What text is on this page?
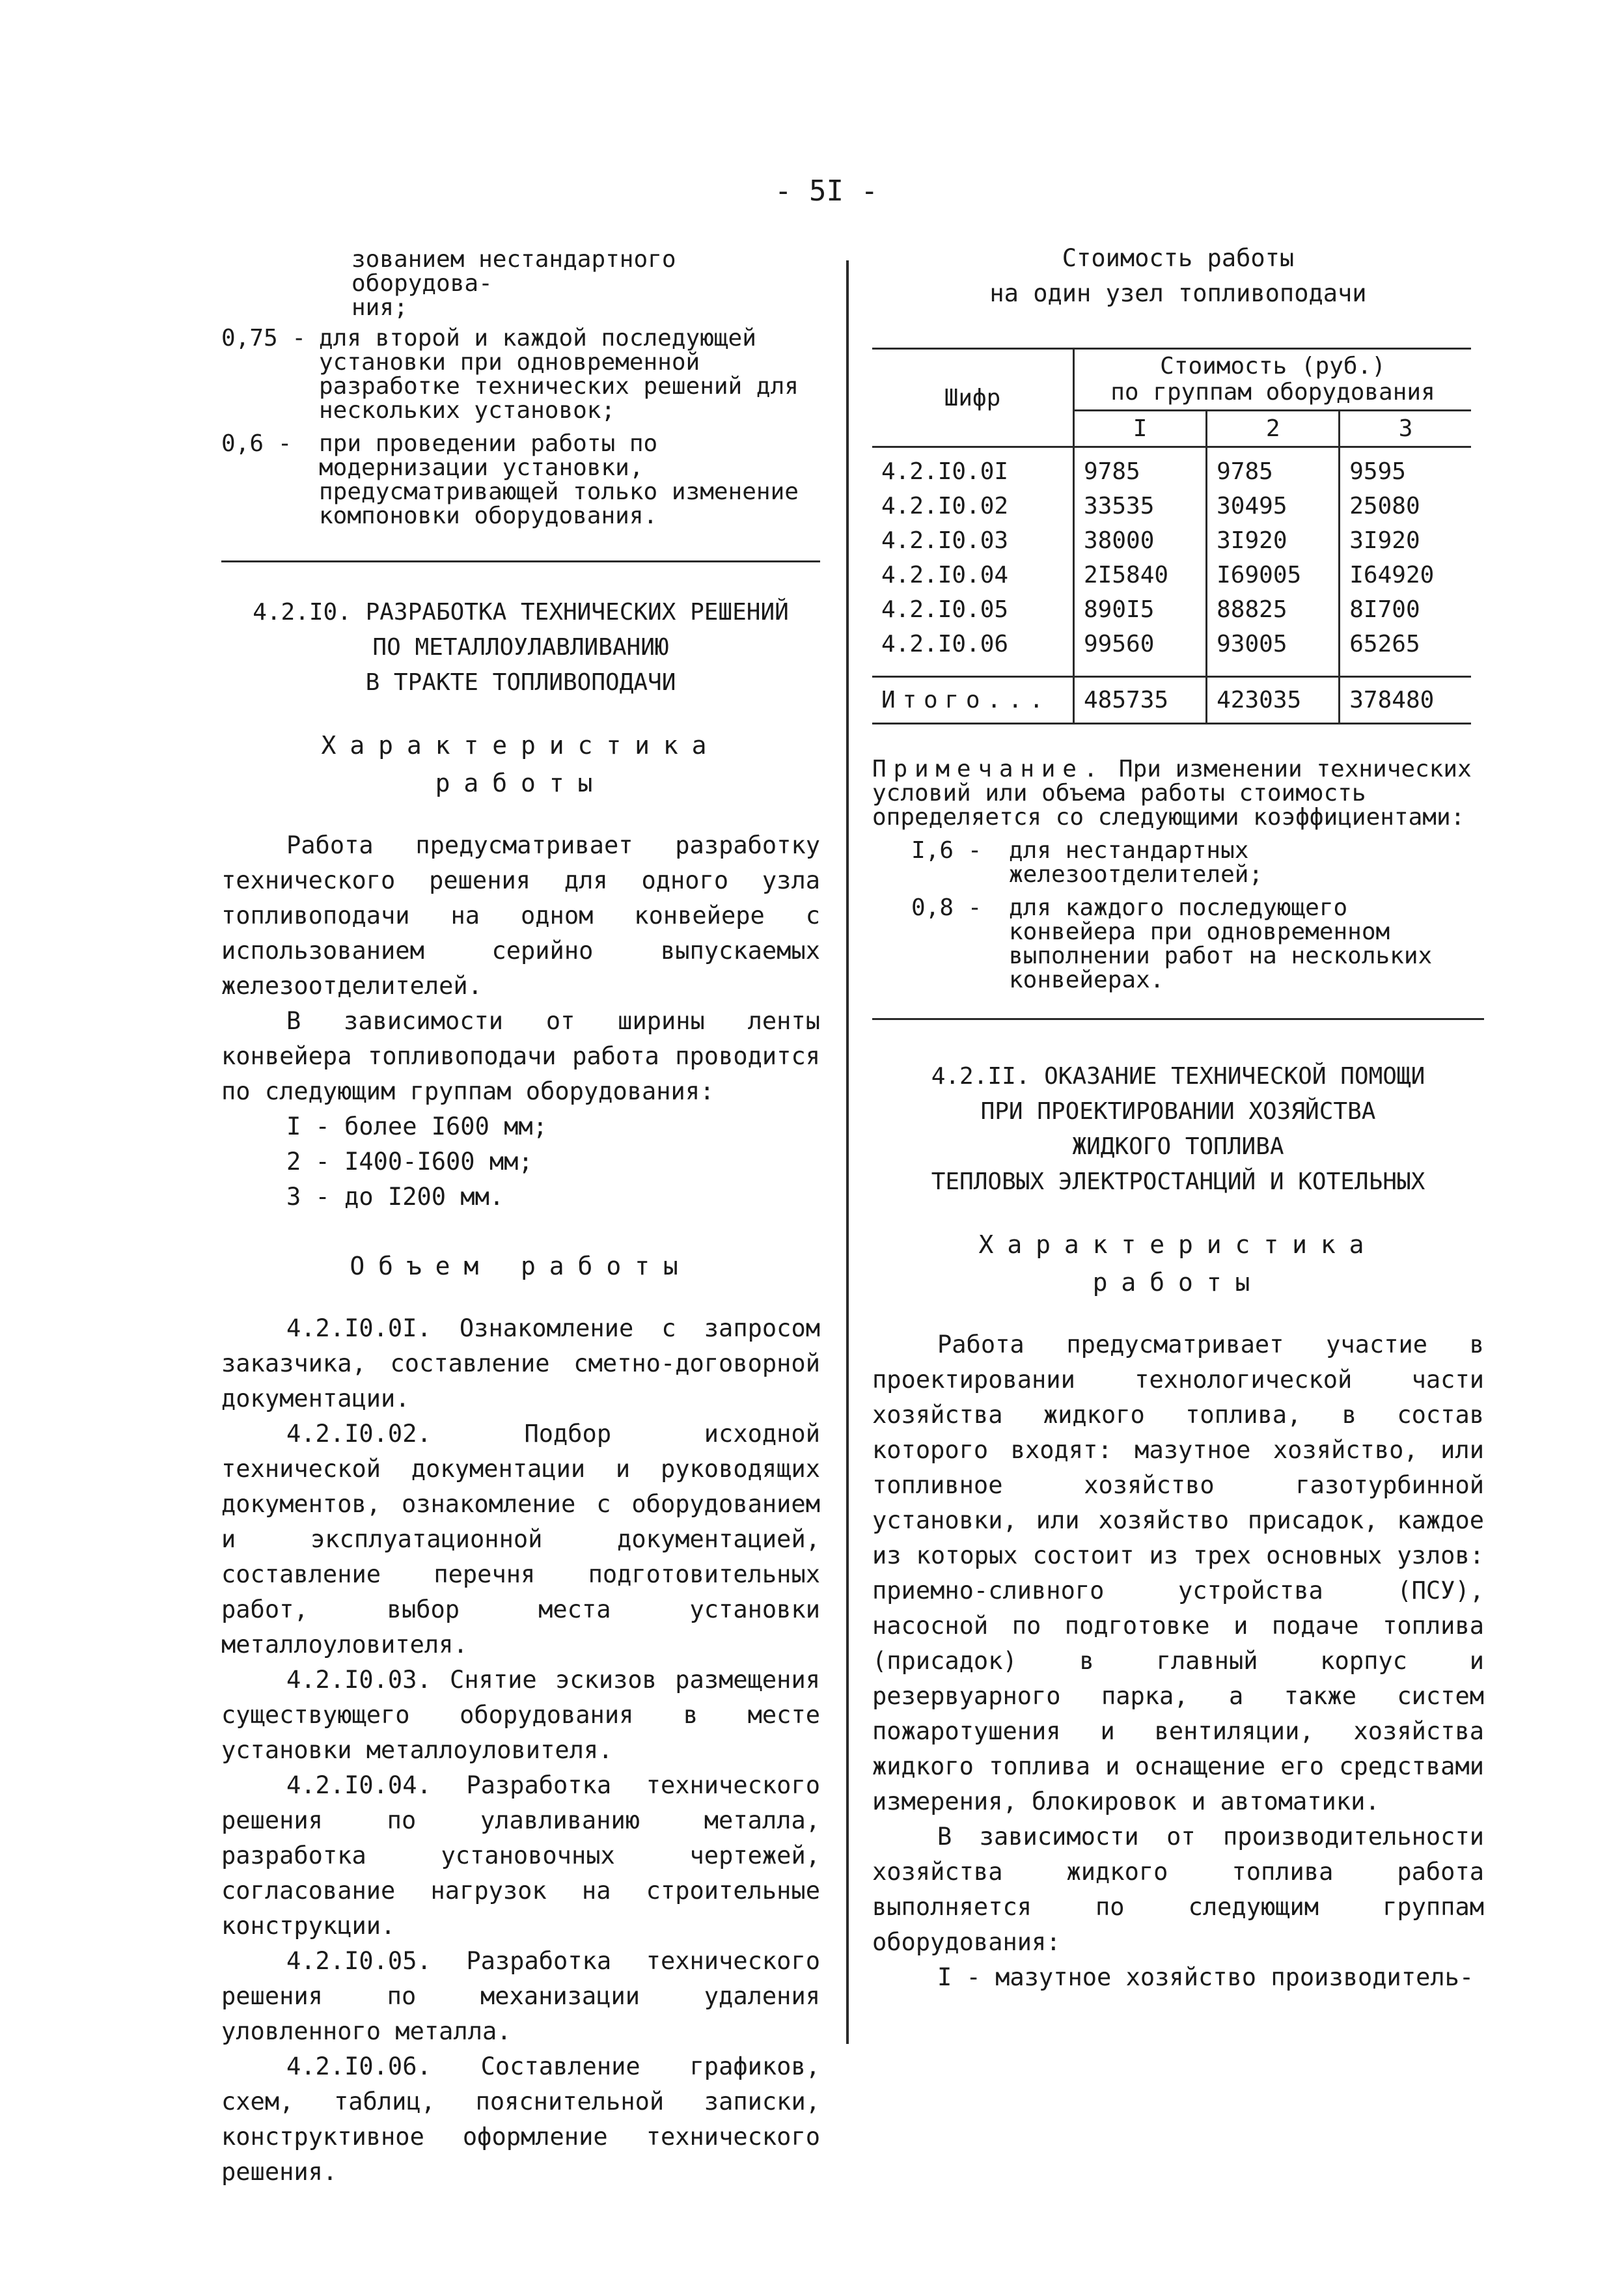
- 5I -
зованием нестандартного оборудова-
ния;
0,75 - для второй и каждой последующей установки при одновременной разработке технических решений для нескольких установок;
0,6 -	при проведении работы по модернизации установки, предусматривающей только изменение компоновки оборудования.
4.2.I0. РАЗРАБОТКА ТЕХНИЧЕСКИХ РЕШЕНИЙ
ПО МЕТАЛЛОУЛАВЛИВАНИЮ
В ТРАКТЕ ТОПЛИВОПОДАЧИ
Характеристика
работы

Работа предусматривает разработку технического решения для одного узла топливоподачи на одном конвейере с использованием серийно выпускаемых железоотделителей.

В зависимости от ширины ленты конвейера топливоподачи работа проводится по следующим группам оборудования:

I - более I600 мм;
2 - I400-I600 мм;
3 - до I200 мм.
Объем работы

4.2.I0.0I. Ознакомление с запросом заказчика, составление сметно-договорной документации.

4.2.I0.02. Подбор исходной технической документации и руководящих документов, ознакомление с оборудованием и эксплуатационной документацией, составление перечня подготовительных работ, выбор места установки металлоуловителя.

4.2.I0.03. Снятие эскизов размещения существующего оборудования в месте установки металлоуловителя.

4.2.I0.04. Разработка технического решения по улавливанию металла, разработка установочных чертежей, согласование нагрузок на строительные конструкции.

4.2.I0.05. Разработка технического решения по механизации удаления уловленного металла.

4.2.I0.06. Составление графиков, схем, таблиц, пояснительной записки, конструктивное оформление технического решения.

Стоимость работы
на один узел топливоподачи
Шифр	Стоимость (руб.)
по группам оборудования		

	I	2	3
4.2.I0.0I	9785	9785	9595
4.2.I0.02	33535	30495	25080
4.2.I0.03	38000	3I920	3I920
4.2.I0.04	2I5840	I69005	I64920
4.2.I0.05	890I5	88825	8I700
4.2.I0.06	99560	93005	65265
Итого...	485735	423035	378480

Примечание. При изменении технических условий или объема работы стоимость определяется со следующими коэффициентами:

I,6 -	для нестандартных железоотделителей;
0,8 -	для каждого последующего конвейера при одновременном выполнении работ на нескольких конвейерах.
4.2.II. ОКАЗАНИЕ ТЕХНИЧЕСКОЙ ПОМОЩИ
ПРИ ПРОЕКТИРОВАНИИ ХОЗЯЙСТВА
ЖИДКОГО ТОПЛИВА
ТЕПЛОВЫХ ЭЛЕКТРОСТАНЦИЙ И КОТЕЛЬНЫХ
Характеристика
работы

Работа предусматривает участие в проектировании технологической части хозяйства жидкого топлива, в состав которого входят: мазутное хозяйство, или топливное хозяйство газотурбинной установки, или хозяйство присадок, каждое из которых состоит из трех основных узлов: приемно-сливного устройства (ПСУ), насосной по подготовке и подаче топлива (присадок) в главный корпус и резервуарного парка, а также систем пожаротушения и вентиляции, хозяйства жидкого топлива и оснащение его средствами измерения, блокировок и автоматики.

В зависимости от производительности хозяйства жидкого топлива работа выполняется по следующим группам оборудования:

I - мазутное хозяйство производитель-
